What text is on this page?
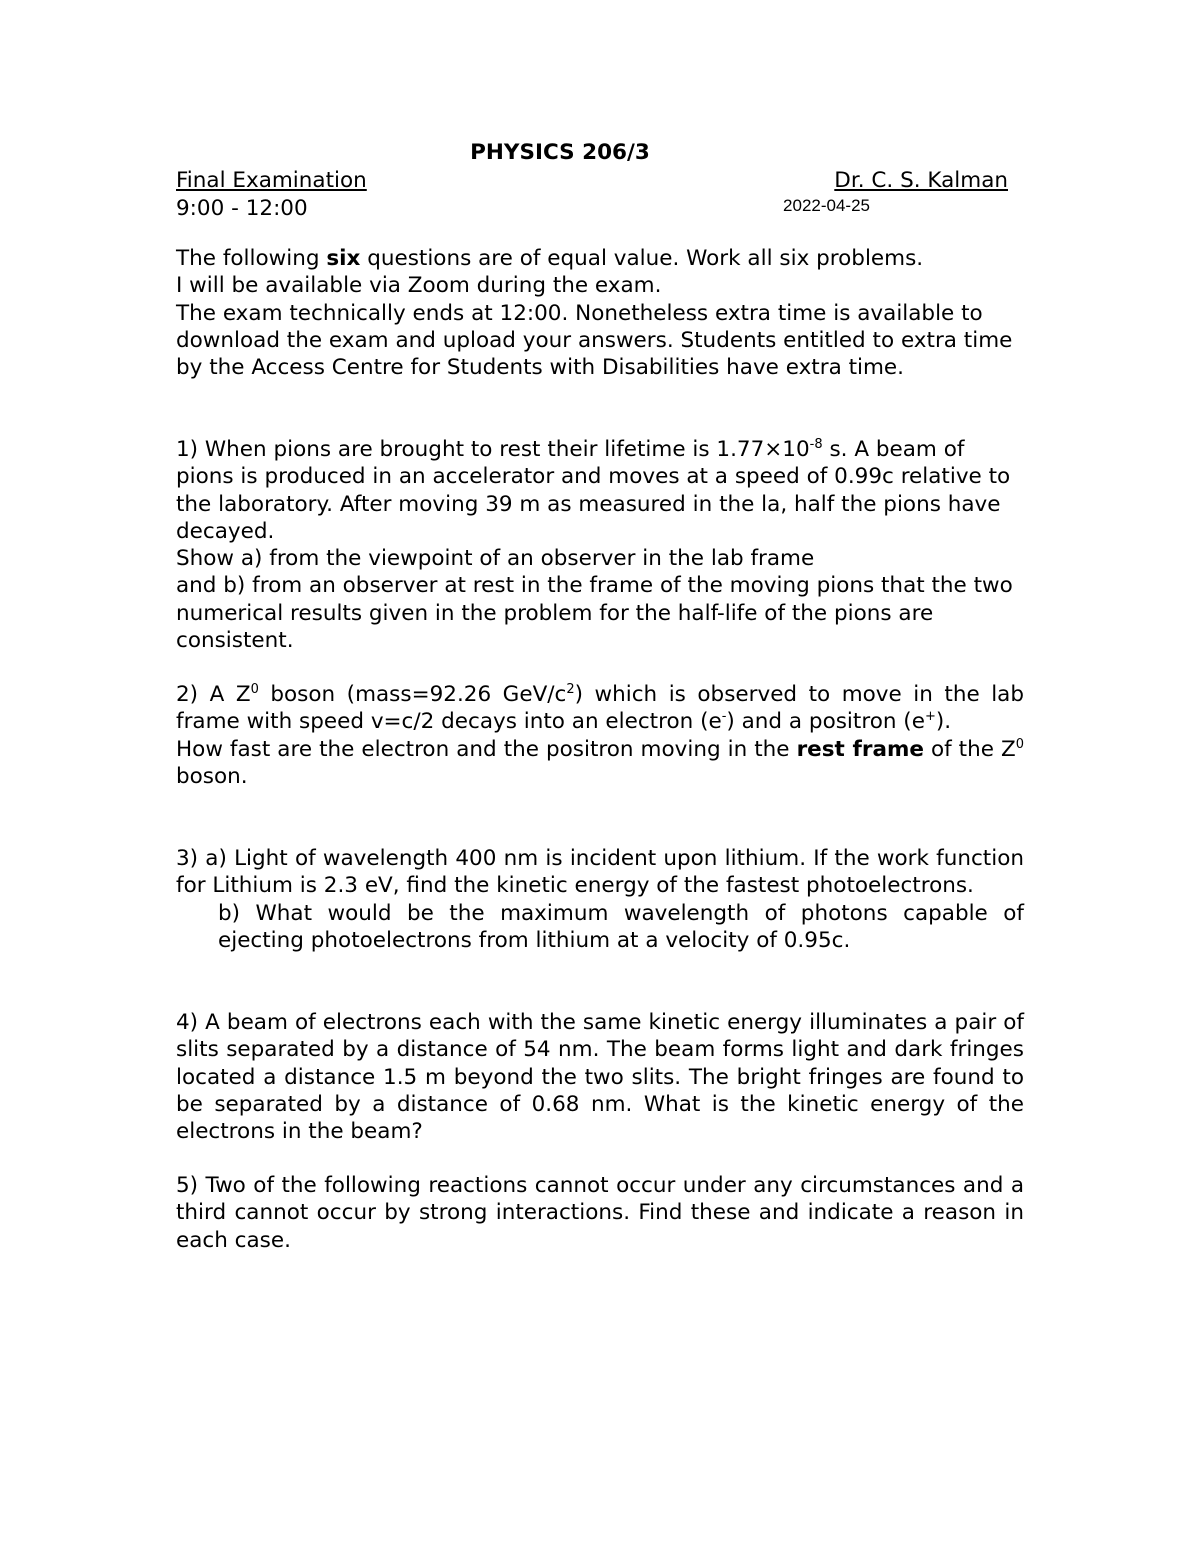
PHYSICS 206/3
Final Examination	Dr. C. S. Kalman
9:00 - 12:00	2022-04-25

The following six questions are of equal value. Work all six problems.

I will be available via Zoom during the exam.

The exam technically ends at 12:00. Nonetheless extra time is available to download the exam and upload your answers. Students entitled to extra time by the Access Centre for Students with Disabilities have extra time.

1) When pions are brought to rest their lifetime is $1.77\times 10^{-8}$ s. A beam of pions is produced in an accelerator and moves at a speed of 0.99c relative to the laboratory. After moving 39 m as measured in the la, half the pions have decayed.

Show a) from the viewpoint of an observer in the lab frame

and b) from an observer at rest in the frame of the moving pions that the two numerical results given in the problem for the half-life of the pions are consistent.

2) A $Z^0$ boson (mass=92.26 GeV/$c^2$) which is observed to move in the lab frame with speed v=c/2 decays into an electron (e-) and a positron (e+).

How fast are the electron and the positron moving in the rest frame of the $Z^0$ boson.

3) a) Light of wavelength 400 nm is incident upon lithium. If the work function for Lithium is 2.3 eV, find the kinetic energy of the fastest photoelectrons.

b) What would be the maximum wavelength of photons capable of ejecting photoelectrons from lithium at a velocity of 0.95c.

4) A beam of electrons each with the same kinetic energy illuminates a pair of slits separated by a distance of 54 nm. The beam forms light and dark fringes located a distance 1.5 m beyond the two slits. The bright fringes are found to be separated by a distance of 0.68 nm. What is the kinetic energy of the electrons in the beam?

5) Two of the following reactions cannot occur under any circumstances and a third cannot occur by strong interactions. Find these and indicate a reason in each case.
